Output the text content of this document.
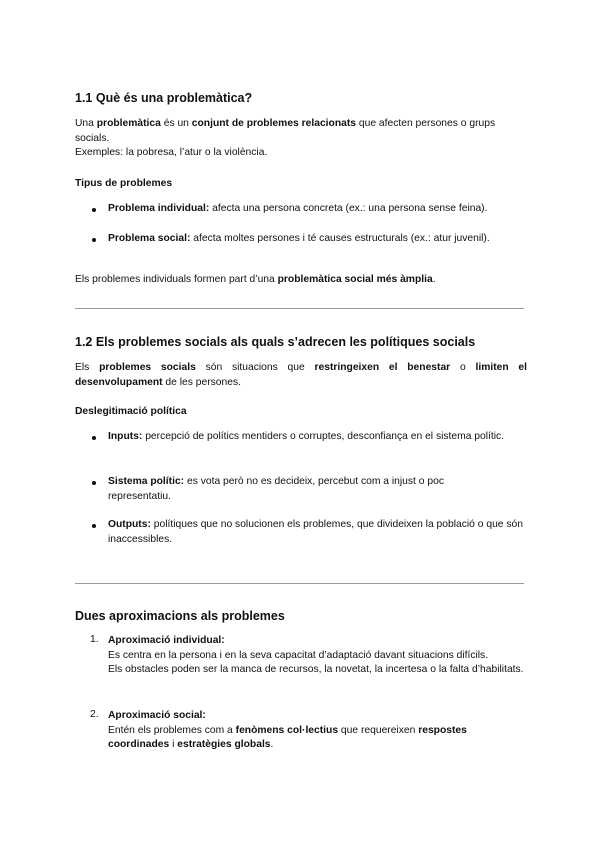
1.1 Què és una problemàtica?

Una problemàtica és un conjunt de problemes relacionats que afecten persones o grups socials.
Exemples: la pobresa, l’atur o la violència.

Tipus de problemes

Problema individual: afecta una persona concreta (ex.: una persona sense feina).

Problema social: afecta moltes persones i té causes estructurals (ex.: atur juvenil).

Els problemes individuals formen part d’una problemàtica social més àmplia.

1.2 Els problemes socials als quals s’adrecen les polítiques socials

Els problemes socials són situacions que restringeixen el benestar o limiten el desenvolupament de les persones.

Deslegitimació política

Inputs: percepció de polítics mentiders o corruptes, desconfiança en el sistema polític.

Sistema polític: es vota però no es decideix, percebut com a injust o poc representatiu.

Outputs: polítiques que no solucionen els problemes, que divideixen la població o que són inaccessibles.

Dues aproximacions als problemes
1. Aproximació individual:
Es centra en la persona i en la seva capacitat d’adaptació davant situacions difícils.
Els obstacles poden ser la manca de recursos, la novetat, la incertesa o la falta d’habilitats.

2. Aproximació social:
Entén els problemes com a fenòmens col·lectius que requereixen respostes coordinades i estratègies globals.
